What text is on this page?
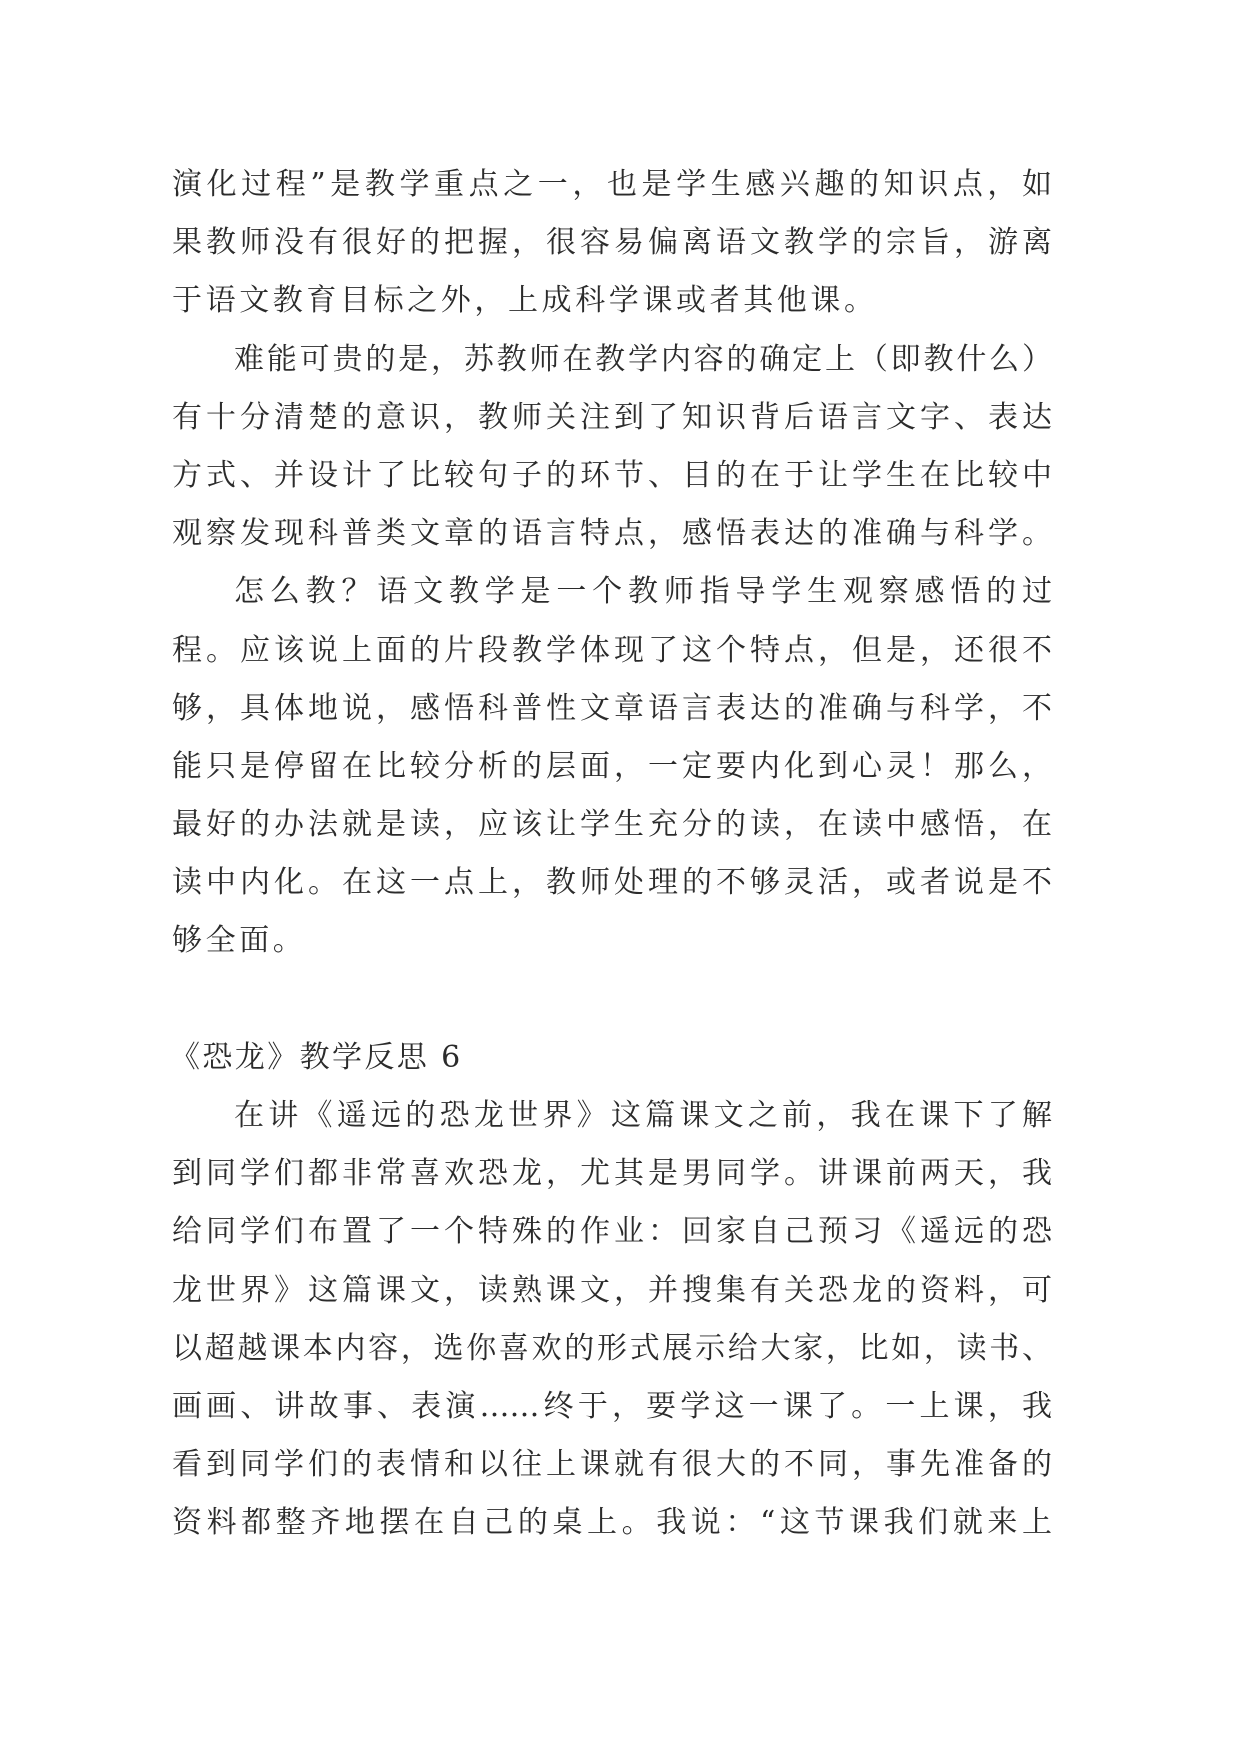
演化过程”是教学重点之一，也是学生感兴趣的知识点，如
果教师没有很好的把握，很容易偏离语文教学的宗旨，游离
于语文教育目标之外，上成科学课或者其他课。
难能可贵的是，苏教师在教学内容的确定上（即教什么）
有十分清楚的意识，教师关注到了知识背后语言文字、表达
方式、并设计了比较句子的环节、目的在于让学生在比较中
观察发现科普类文章的语言特点，感悟表达的准确与科学。
怎么教？语文教学是一个教师指导学生观察感悟的过
程。应该说上面的片段教学体现了这个特点，但是，还很不
够，具体地说，感悟科普性文章语言表达的准确与科学，不
能只是停留在比较分析的层面，一定要内化到心灵！那么，
最好的办法就是读，应该让学生充分的读，在读中感悟，在
读中内化。在这一点上，教师处理的不够灵活，或者说是不
够全面。
《恐龙》教学反思 6
在讲《遥远的恐龙世界》这篇课文之前，我在课下了解
到同学们都非常喜欢恐龙，尤其是男同学。讲课前两天，我
给同学们布置了一个特殊的作业：回家自己预习《遥远的恐
龙世界》这篇课文，读熟课文，并搜集有关恐龙的资料，可
以超越课本内容，选你喜欢的形式展示给大家，比如，读书、
画画、讲故事、表演……终于，要学这一课了。一上课，我
看到同学们的表情和以往上课就有很大的不同，事先准备的
资料都整齐地摆在自己的桌上。我说：“这节课我们就来上
